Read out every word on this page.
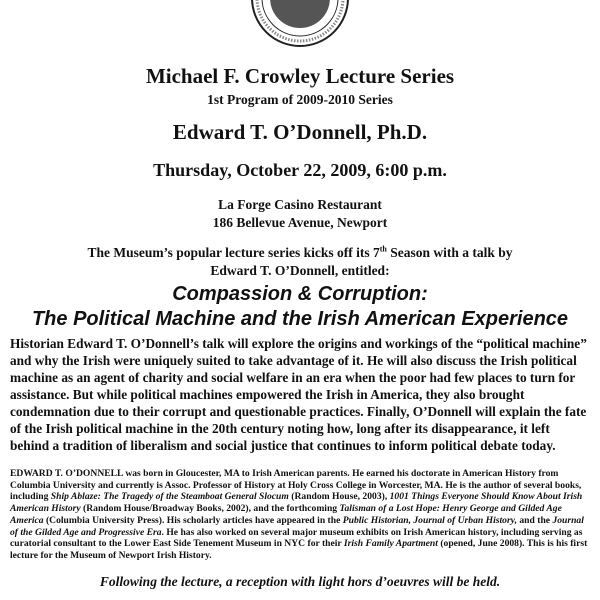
Michael F. Crowley Lecture Series
1st Program of 2009-2010 Series
Edward T. O’Donnell, Ph.D.
Thursday, October 22, 2009, 6:00 p.m.
La Forge Casino Restaurant
186 Bellevue Avenue, Newport
The Museum’s popular lecture series kicks off its 7th Season with a talk by
Edward T. O’Donnell, entitled:
Compassion & Corruption:
The Political Machine and the Irish American Experience
Historian Edward T. O’Donnell’s talk will explore the origins and workings of the “political machine” and why the Irish were uniquely suited to take advantage of it. He will also discuss the Irish political machine as an agent of charity and social welfare in an era when the poor had few places to turn for assistance. But while political machines empowered the Irish in America, they also brought condemnation due to their corrupt and questionable practices. Finally, O’Donnell will explain the fate of the Irish political machine in the 20th century noting how, long after its disappearance, it left behind a tradition of liberalism and social justice that continues to inform political debate today.
EDWARD T. O’DONNELL was born in Gloucester, MA to Irish American parents. He earned his doctorate in American History from Columbia University and currently is Assoc. Professor of History at Holy Cross College in Worcester, MA. He is the author of several books, including Ship Ablaze: The Tragedy of the Steamboat General Slocum (Random House, 2003), 1001 Things Everyone Should Know About Irish American History (Random House/Broadway Books, 2002), and the forthcoming Talisman of a Lost Hope: Henry George and Gilded Age America (Columbia University Press). His scholarly articles have appeared in the Public Historian, Journal of Urban History, and the Journal of the Gilded Age and Progressive Era. He has also worked on several major museum exhibits on Irish American history, including serving as curatorial consultant to the Lower East Side Tenement Museum in NYC for their Irish Family Apartment (opened, June 2008). This is his first lecture for the Museum of Newport Irish History.
Following the lecture, a reception with light hors d’oeuvres will be held.
